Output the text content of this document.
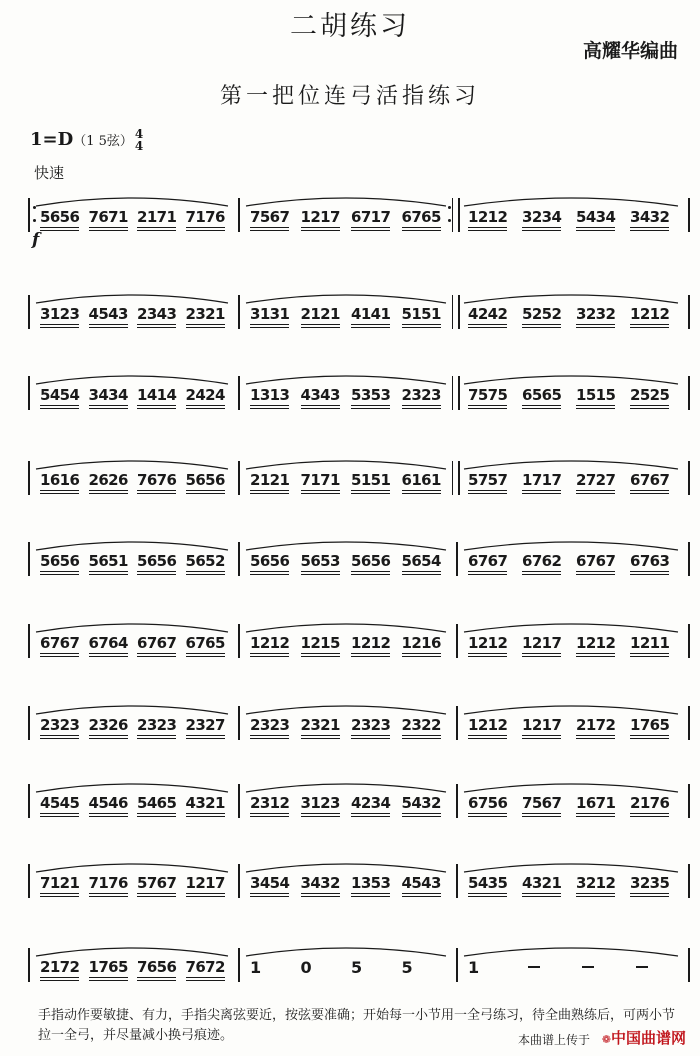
二胡练习
高耀华编曲
第一把位连弓活指练习
1=D（1 5弦） 4
4
快速
f
5656 7671 2171 7176 7567 1217 6717 6765 1212 3234 5434 3432
3123 4543 2343 2321 3131 2121 4141 5151 4242 5252 3232 1212
5454 3434 1414 2424 1313 4343 5353 2323 7575 6565 1515 2525
1616 2626 7676 5656 2121 7171 5151 6161 5757 1717 2727 6767
5656 5651 5656 5652 5656 5653 5656 5654 6767 6762 6767 6763
6767 6764 6767 6765 1212 1215 1212 1216 1212 1217 1212 1211
2323 2326 2323 2327 2323 2321 2323 2322 1212 1217 2172 1765
4545 4546 5465 4321 2312 3123 4234 5432 6756 7567 1671 2176
7121 7176 5767 1217 3454 3432 1353 4543 5435 4321 3212 3235
2172 1765 7656 7672 1 0 5 5	1
手指动作要敏捷、有力，手指尖离弦要近，按弦要准确；开始每一小节用一全弓练习，待全曲熟练后，可两小节拉一全弓，并尽量减小换弓痕迹。	本曲谱上传于 ❁中国曲谱网
